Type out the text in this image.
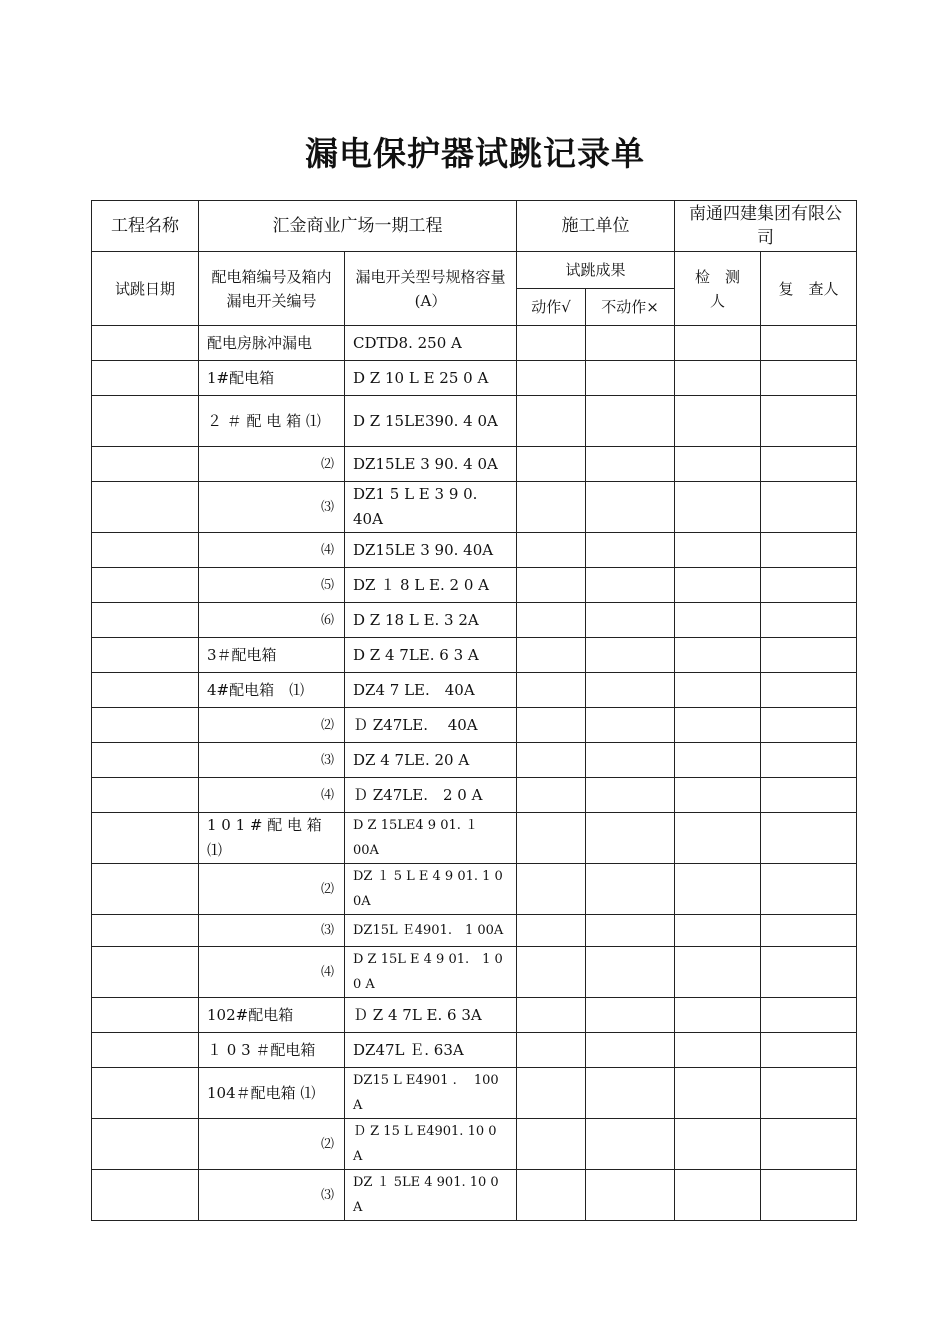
漏电保护器试跳记录单
工程名称	汇金商业广场一期工程		施工单位		南通四建集团有限公司	
试跳日期	配电箱编号及箱内漏电开关编号	漏电开关型号规格容量(A）	试跳成果		检　测　人	复　查人
			动作√	不动作×		
	配电房脉冲漏电	CDTD8. 250 A				
	1#配电箱	D Z 10 L E 25 0 A				
	２ ＃ 配 电 箱 ⑴	D Z 15LE390. 4 0A				
	⑵	DZ15LE 3 90. 4 0A				
	⑶	DZ1 5 L E 3 9 0. 40A				
	⑷	DZ15LE 3 90. 40A				
	⑸	DZ １ 8 L E. 2 0 A				
	⑹	D Z 18 L E. 3 2A				
	3＃配电箱	D Z 4 7LE. 6 3 A				
	4#配电箱　⑴	DZ4 7 LE.　40A				
	⑵	Ｄ Z47LE.　 40A				
	⑶	DZ 4 7LE. 20 A				
	⑷	Ｄ Z47LE.　2 0 A				
	1 0 1 # 配 电 箱 ⑴	D Z 15LE4 9 01. １ 00A				
	⑵	DZ １ 5 L E 4 9 01. 1 0 0A				
	⑶	DZ15L Ｅ4901.　1 00A				
	⑷	D Z 15L E 4 9 01.　1 0 0 A				
	102#配电箱	Ｄ Z 4 7L E. 6 3A				
	１ 0 3 ＃配电箱	DZ47L Ｅ. 63A				
	104＃配电箱 ⑴	DZ15 L E4901 .　 100 A				
	⑵	Ｄ Z 15 L E4901. 10 0 A				
	⑶	DZ １ 5LE 4 901. 10 0 A				
